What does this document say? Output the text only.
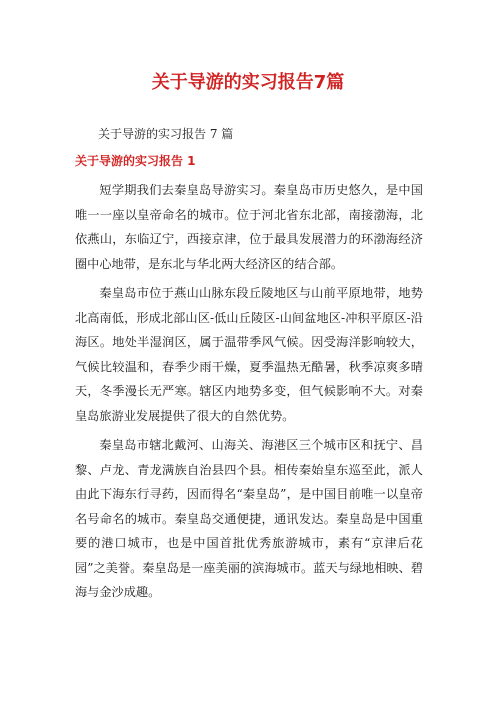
关于导游的实习报告7篇
关于导游的实习报告 7 篇
关于导游的实习报告 1

短学期我们去秦皇岛导游实习。秦皇岛市历史悠久，是中国唯一一座以皇帝命名的城市。位于河北省东北部，南接渤海，北依燕山，东临辽宁，西接京津，位于最具发展潜力的环渤海经济圈中心地带，是东北与华北两大经济区的结合部。

秦皇岛市位于燕山山脉东段丘陵地区与山前平原地带，地势北高南低，形成北部山区-低山丘陵区-山间盆地区-冲积平原区-沿海区。地处半湿润区，属于温带季风气候。因受海洋影响较大，气候比较温和，春季少雨干燥，夏季温热无酷暑，秋季凉爽多晴天，冬季漫长无严寒。辖区内地势多变，但气候影响不大。对秦皇岛旅游业发展提供了很大的自然优势。

秦皇岛市辖北戴河、山海关、海港区三个城市区和抚宁、昌黎、卢龙、青龙满族自治县四个县。相传秦始皇东巡至此，派人由此下海东行寻药，因而得名“秦皇岛”，是中国目前唯一以皇帝名号命名的城市。秦皇岛交通便捷，通讯发达。秦皇岛是中国重要的港口城市，也是中国首批优秀旅游城市，素有“京津后花园”之美誉。秦皇岛是一座美丽的滨海城市。蓝天与绿地相映、碧海与金沙成趣。
